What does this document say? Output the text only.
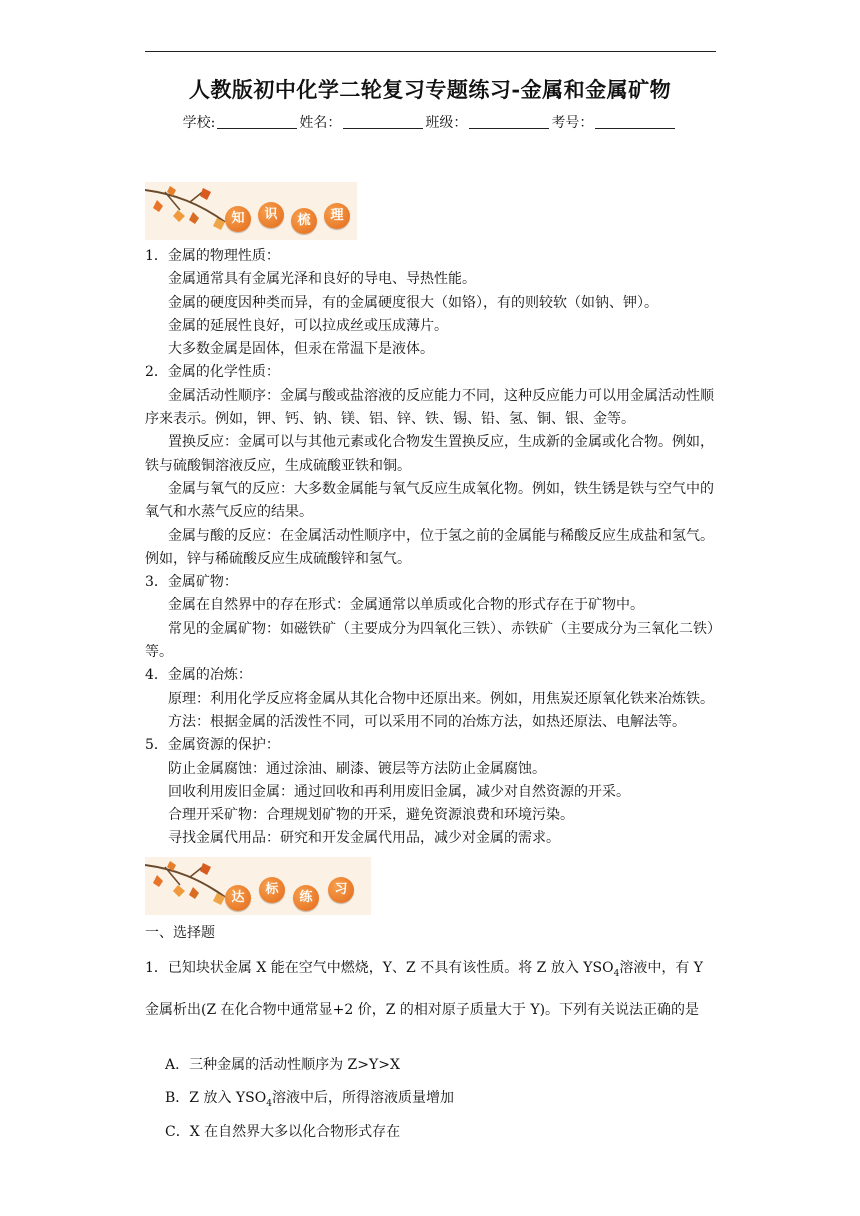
人教版初中化学二轮复习专题练习-金属和金属矿物
学校:	姓名：	班级：	考号：
知	识	梳	理

1．金属的物理性质：

金属通常具有金属光泽和良好的导电、导热性能。

金属的硬度因种类而异，有的金属硬度很大（如铬），有的则较软（如钠、钾）。

金属的延展性良好，可以拉成丝或压成薄片。

大多数金属是固体，但汞在常温下是液体。

2．金属的化学性质：

金属活动性顺序：金属与酸或盐溶液的反应能力不同，这种反应能力可以用金属活动性顺序来表示。例如，钾、钙、钠、镁、铝、锌、铁、锡、铅、氢、铜、银、金等。

置换反应：金属可以与其他元素或化合物发生置换反应，生成新的金属或化合物。例如，铁与硫酸铜溶液反应，生成硫酸亚铁和铜。

金属与氧气的反应：大多数金属能与氧气反应生成氧化物。例如，铁生锈是铁与空气中的氧气和水蒸气反应的结果。

金属与酸的反应：在金属活动性顺序中，位于氢之前的金属能与稀酸反应生成盐和氢气。例如，锌与稀硫酸反应生成硫酸锌和氢气。

3．金属矿物：

金属在自然界中的存在形式：金属通常以单质或化合物的形式存在于矿物中。

常见的金属矿物：如磁铁矿（主要成分为四氧化三铁）、赤铁矿（主要成分为三氧化二铁）等。

4．金属的冶炼：

原理：利用化学反应将金属从其化合物中还原出来。例如，用焦炭还原氧化铁来冶炼铁。

方法：根据金属的活泼性不同，可以采用不同的冶炼方法，如热还原法、电解法等。

5．金属资源的保护：

防止金属腐蚀：通过涂油、刷漆、镀层等方法防止金属腐蚀。

回收利用废旧金属：通过回收和再利用废旧金属，减少对自然资源的开采。

合理开采矿物：合理规划矿物的开采，避免资源浪费和环境污染。

寻找金属代用品：研究和开发金属代用品，减少对金属的需求。

达
标
练
习
一、选择题
1．已知块状金属 X 能在空气中燃烧，Y、Z 不具有该性质。将 Z 放入 $YSO_4$溶液中，有 Y 金属析出(Z 在化合物中通常显+2 价，Z 的相对原子质量大于 Y)。下列有关说法正确的是
A．三种金属的活动性顺序为 Z>Y>X
B．Z 放入 $YSO_4$溶液中后，所得溶液质量增加
C．X 在自然界大多以化合物形式存在
